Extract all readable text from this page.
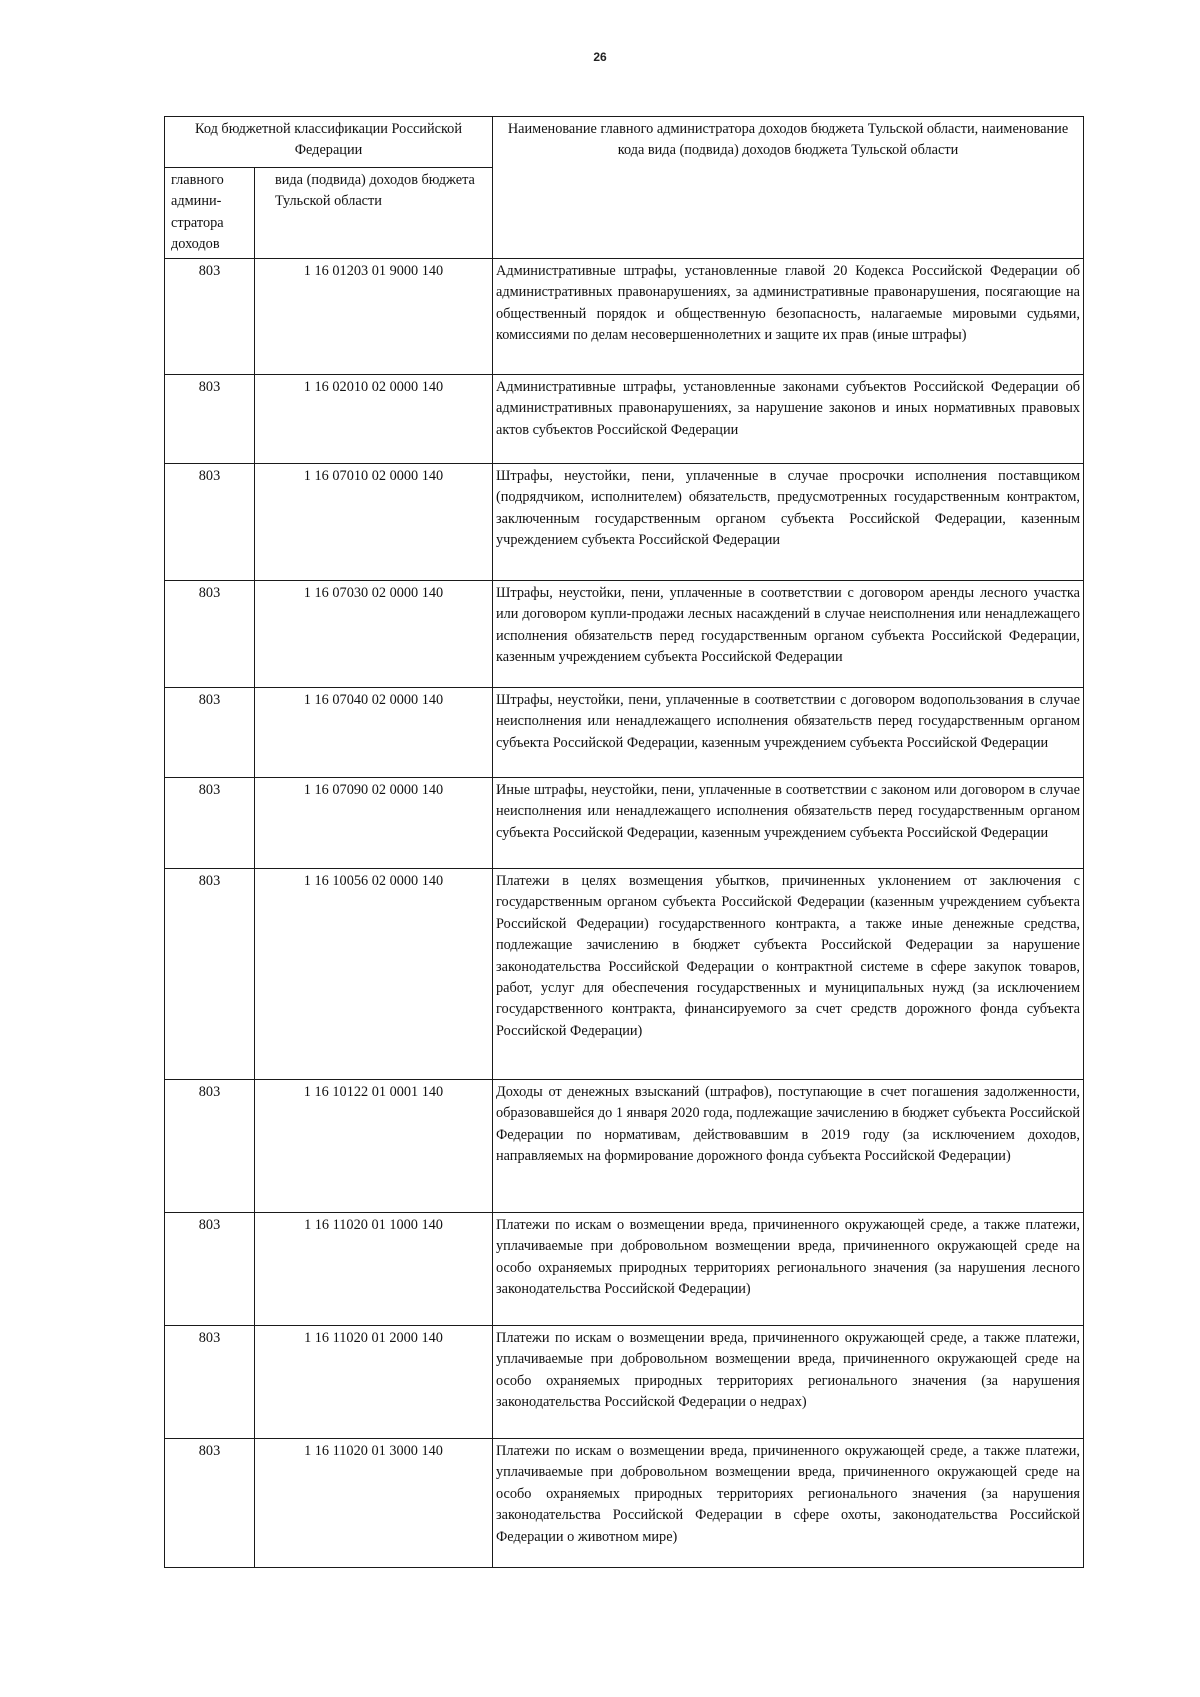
26
Код бюджетной классификации Российской Федерации		Наименование главного администратора доходов бюджета Тульской области, наименование кода вида (подвида) доходов бюджета Тульской области
главного админи-стратора доходов	вида (подвида) доходов бюджета Тульской области	
803	1 16 01203 01 9000 140	Административные штрафы, установленные главой 20 Кодекса Российской Федерации об административных правонарушениях, за административные правонарушения, посягающие на общественный порядок и общественную безопасность, налагаемые мировыми судьями, комиссиями по делам несовершеннолетних и защите их прав (иные штрафы)
803	1 16 02010 02 0000 140	Административные штрафы, установленные законами субъектов Российской Федерации об административных правонарушениях, за нарушение законов и иных нормативных правовых актов субъектов Российской Федерации
803	1 16 07010 02 0000 140	Штрафы, неустойки, пени, уплаченные в случае просрочки исполнения поставщиком (подрядчиком, исполнителем) обязательств, предусмотренных государственным контрактом, заключенным государственным органом субъекта Российской Федерации, казенным учреждением субъекта Российской Федерации
803	1 16 07030 02 0000 140	Штрафы, неустойки, пени, уплаченные в соответствии с договором аренды лесного участка или договором купли-продажи лесных насаждений в случае неисполнения или ненадлежащего исполнения обязательств перед государственным органом субъекта Российской Федерации, казенным учреждением субъекта Российской Федерации
803	1 16 07040 02 0000 140	Штрафы, неустойки, пени, уплаченные в соответствии с договором водопользования в случае неисполнения или ненадлежащего исполнения обязательств перед государственным органом субъекта Российской Федерации, казенным учреждением субъекта Российской Федерации
803	1 16 07090 02 0000 140	Иные штрафы, неустойки, пени, уплаченные в соответствии с законом или договором в случае неисполнения или ненадлежащего исполнения обязательств перед государственным органом субъекта Российской Федерации, казенным учреждением субъекта Российской Федерации
803	1 16 10056 02 0000 140	Платежи в целях возмещения убытков, причиненных уклонением от заключения с государственным органом субъекта Российской Федерации (казенным учреждением субъекта Российской Федерации) государственного контракта, а также иные денежные средства, подлежащие зачислению в бюджет субъекта Российской Федерации за нарушение законодательства Российской Федерации о контрактной системе в сфере закупок товаров, работ, услуг для обеспечения государственных и муниципальных нужд (за исключением государственного контракта, финансируемого за счет средств дорожного фонда субъекта Российской Федерации)
803	1 16 10122 01 0001 140	Доходы от денежных взысканий (штрафов), поступающие в счет погашения задолженности, образовавшейся до 1 января 2020 года, подлежащие зачислению в бюджет субъекта Российской Федерации по нормативам, действовавшим в 2019 году (за исключением доходов, направляемых на формирование дорожного фонда субъекта Российской Федерации)
803	1 16 11020 01 1000 140	Платежи по искам о возмещении вреда, причиненного окружающей среде, а также платежи, уплачиваемые при добровольном возмещении вреда, причиненного окружающей среде на особо охраняемых природных территориях регионального значения (за нарушения лесного законодательства Российской Федерации)
803	1 16 11020 01 2000 140	Платежи по искам о возмещении вреда, причиненного окружающей среде, а также платежи, уплачиваемые при добровольном возмещении вреда, причиненного окружающей среде на особо охраняемых природных территориях регионального значения (за нарушения законодательства Российской Федерации о недрах)
803	1 16 11020 01 3000 140	Платежи по искам о возмещении вреда, причиненного окружающей среде, а также платежи, уплачиваемые при добровольном возмещении вреда, причиненного окружающей среде на особо охраняемых природных территориях регионального значения (за нарушения законодательства Российской Федерации в сфере охоты, законодательства Российской Федерации о животном мире)
